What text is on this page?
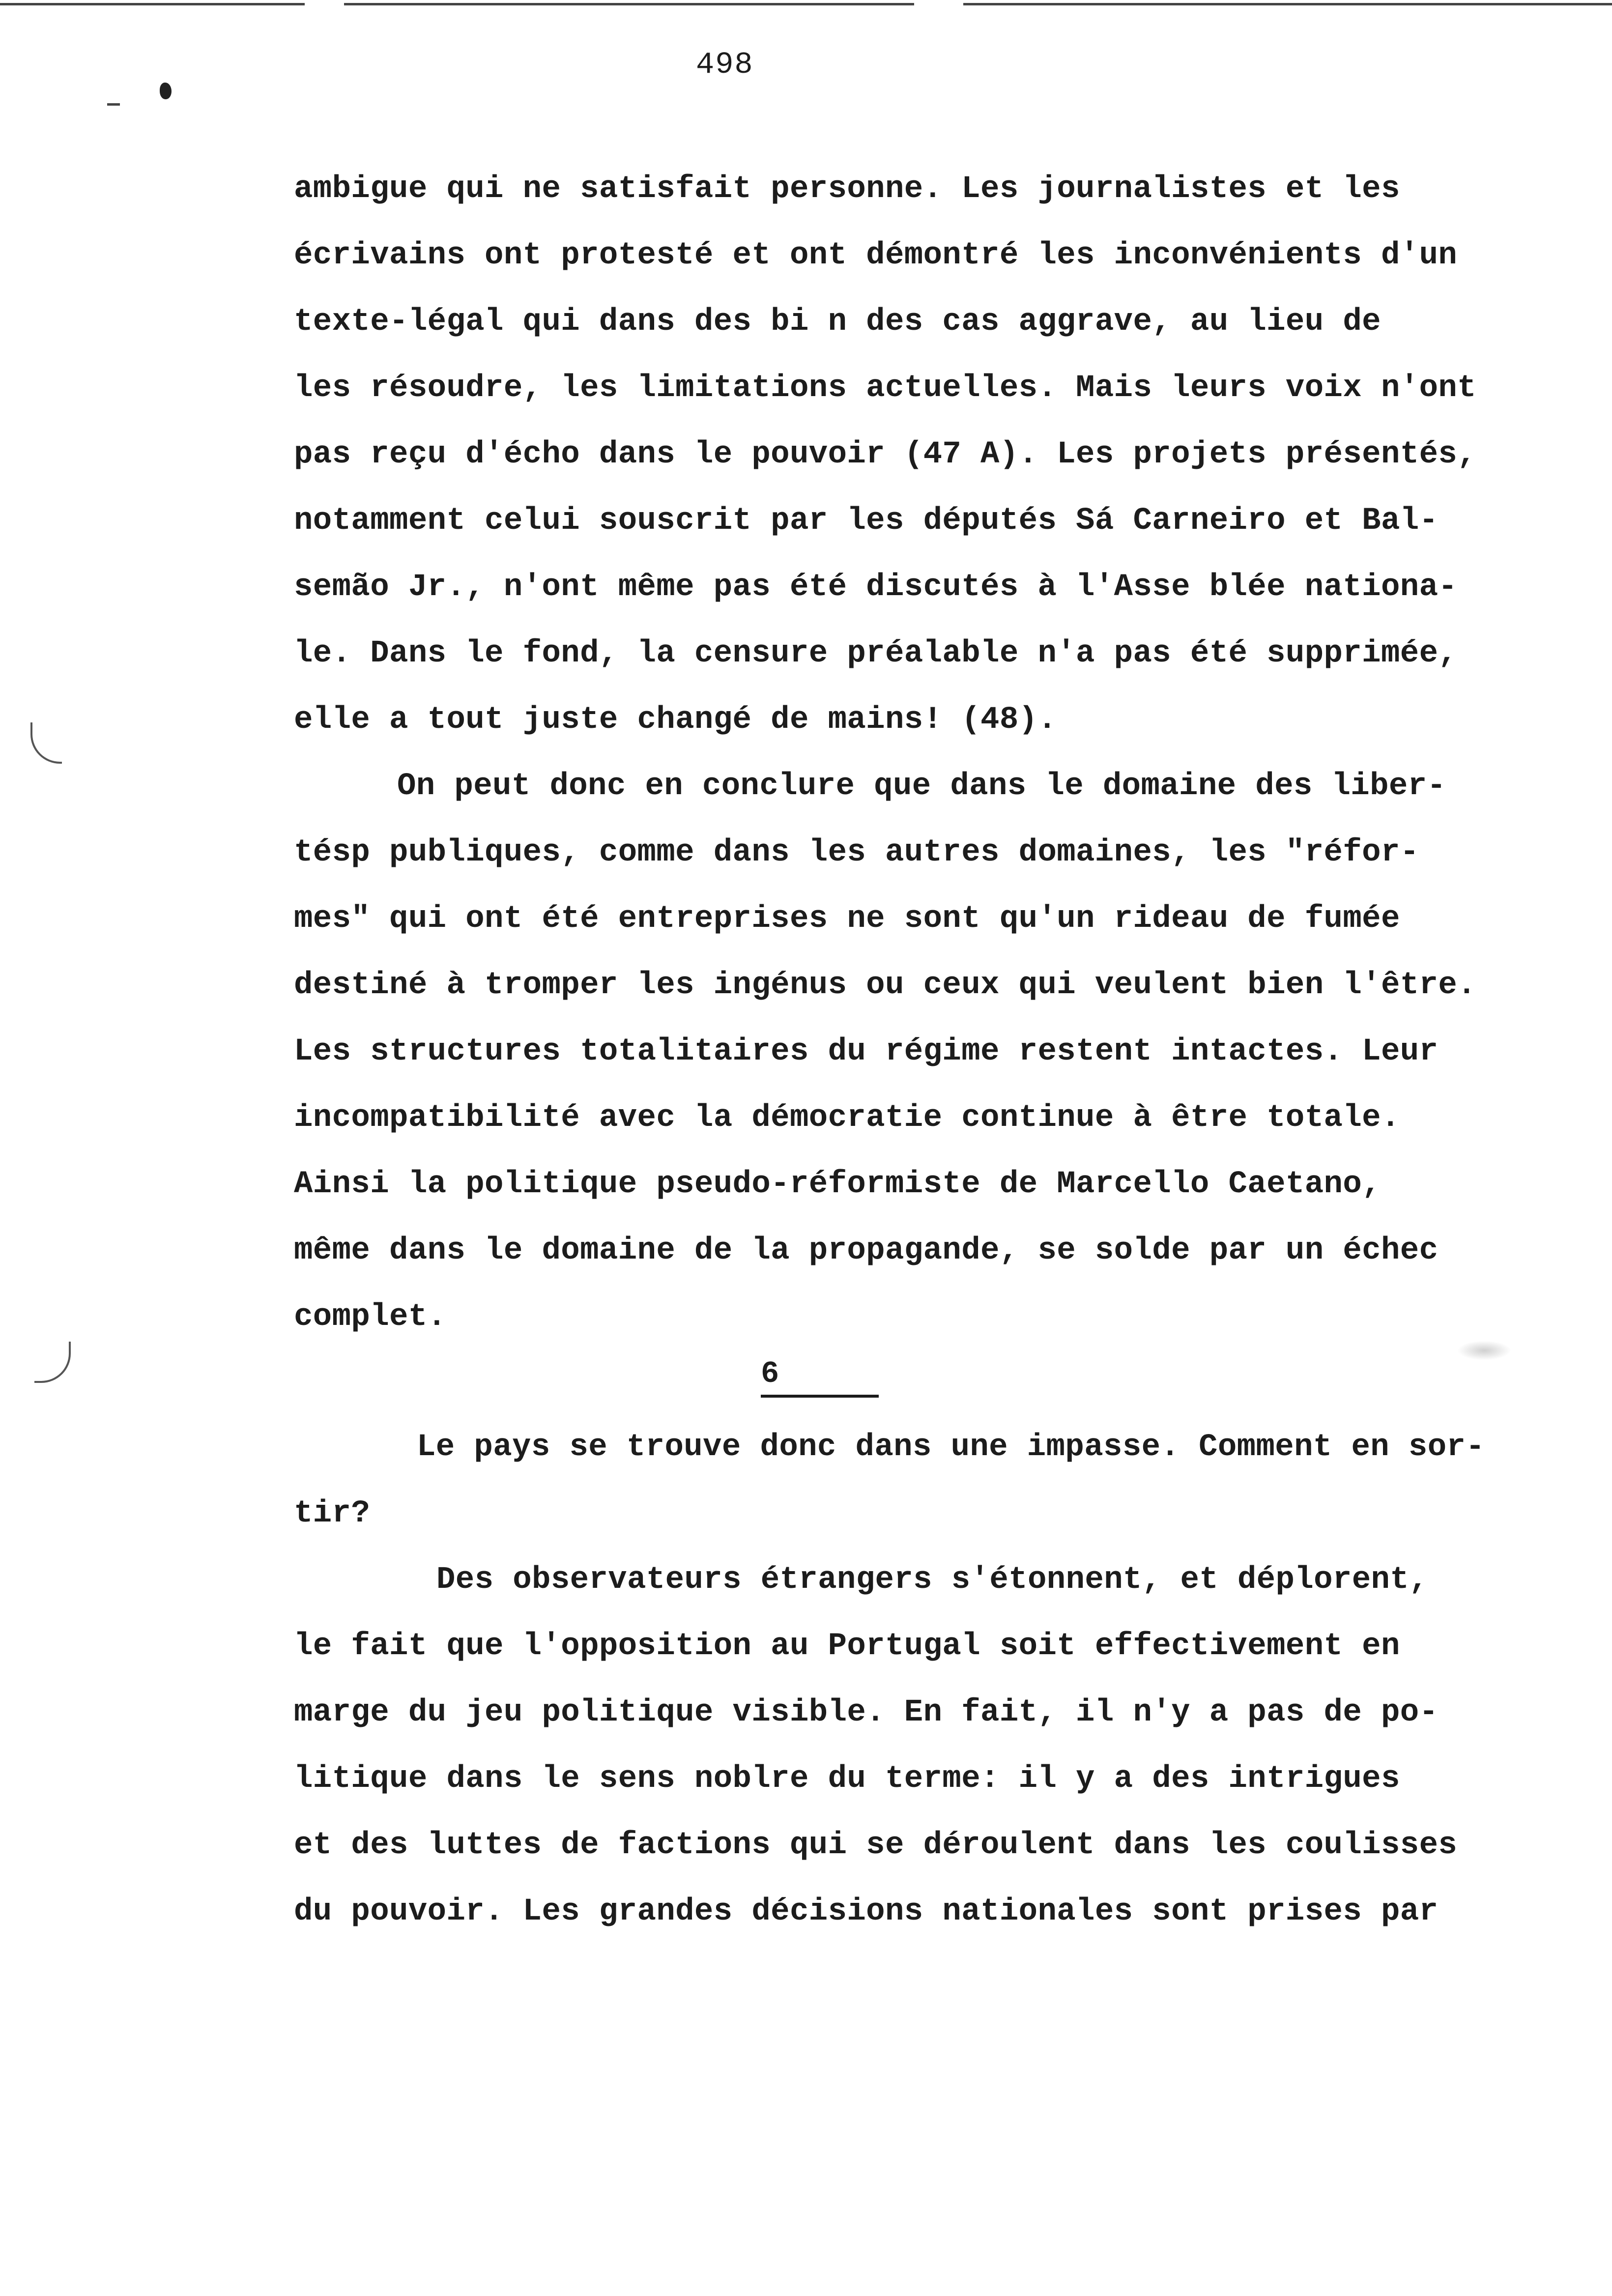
498
ambigue qui ne satisfait personne. Les journalistes et les
écrivains ont protesté et ont démontré les inconvénients d'un
texte-légal qui dans des bi n des cas aggrave, au lieu de
les résoudre, les limitations actuelles. Mais leurs voix n'ont
pas reçu d'écho dans le pouvoir (47 A). Les projets présentés,
notamment celui souscrit par les députés Sá Carneiro et Bal-
semão Jr., n'ont même pas été discutés à l'Asse blée nationa-
le. Dans le fond, la censure préalable n'a pas été supprimée,
elle a tout juste changé de mains! (48).
On peut donc en conclure que dans le domaine des liber-
tésp publiques, comme dans les autres domaines, les "réfor-
mes" qui ont été entreprises ne sont qu'un rideau de fumée
destiné à tromper les ingénus ou ceux qui veulent bien l'être.
Les structures totalitaires du régime restent intactes. Leur
incompatibilité avec la démocratie continue à être totale.
Ainsi la politique pseudo-réformiste de Marcello Caetano,
même dans le domaine de la propagande, se solde par un échec
complet.
6
Le pays se trouve donc dans une impasse. Comment en sor-
tir?
Des observateurs étrangers s'étonnent, et déplorent,
le fait que l'opposition au Portugal soit effectivement en
marge du jeu politique visible. En fait, il n'y a pas de po-
litique dans le sens noblre du terme: il y a des intrigues
et des luttes de factions qui se déroulent dans les coulisses
du pouvoir. Les grandes décisions nationales sont prises par
